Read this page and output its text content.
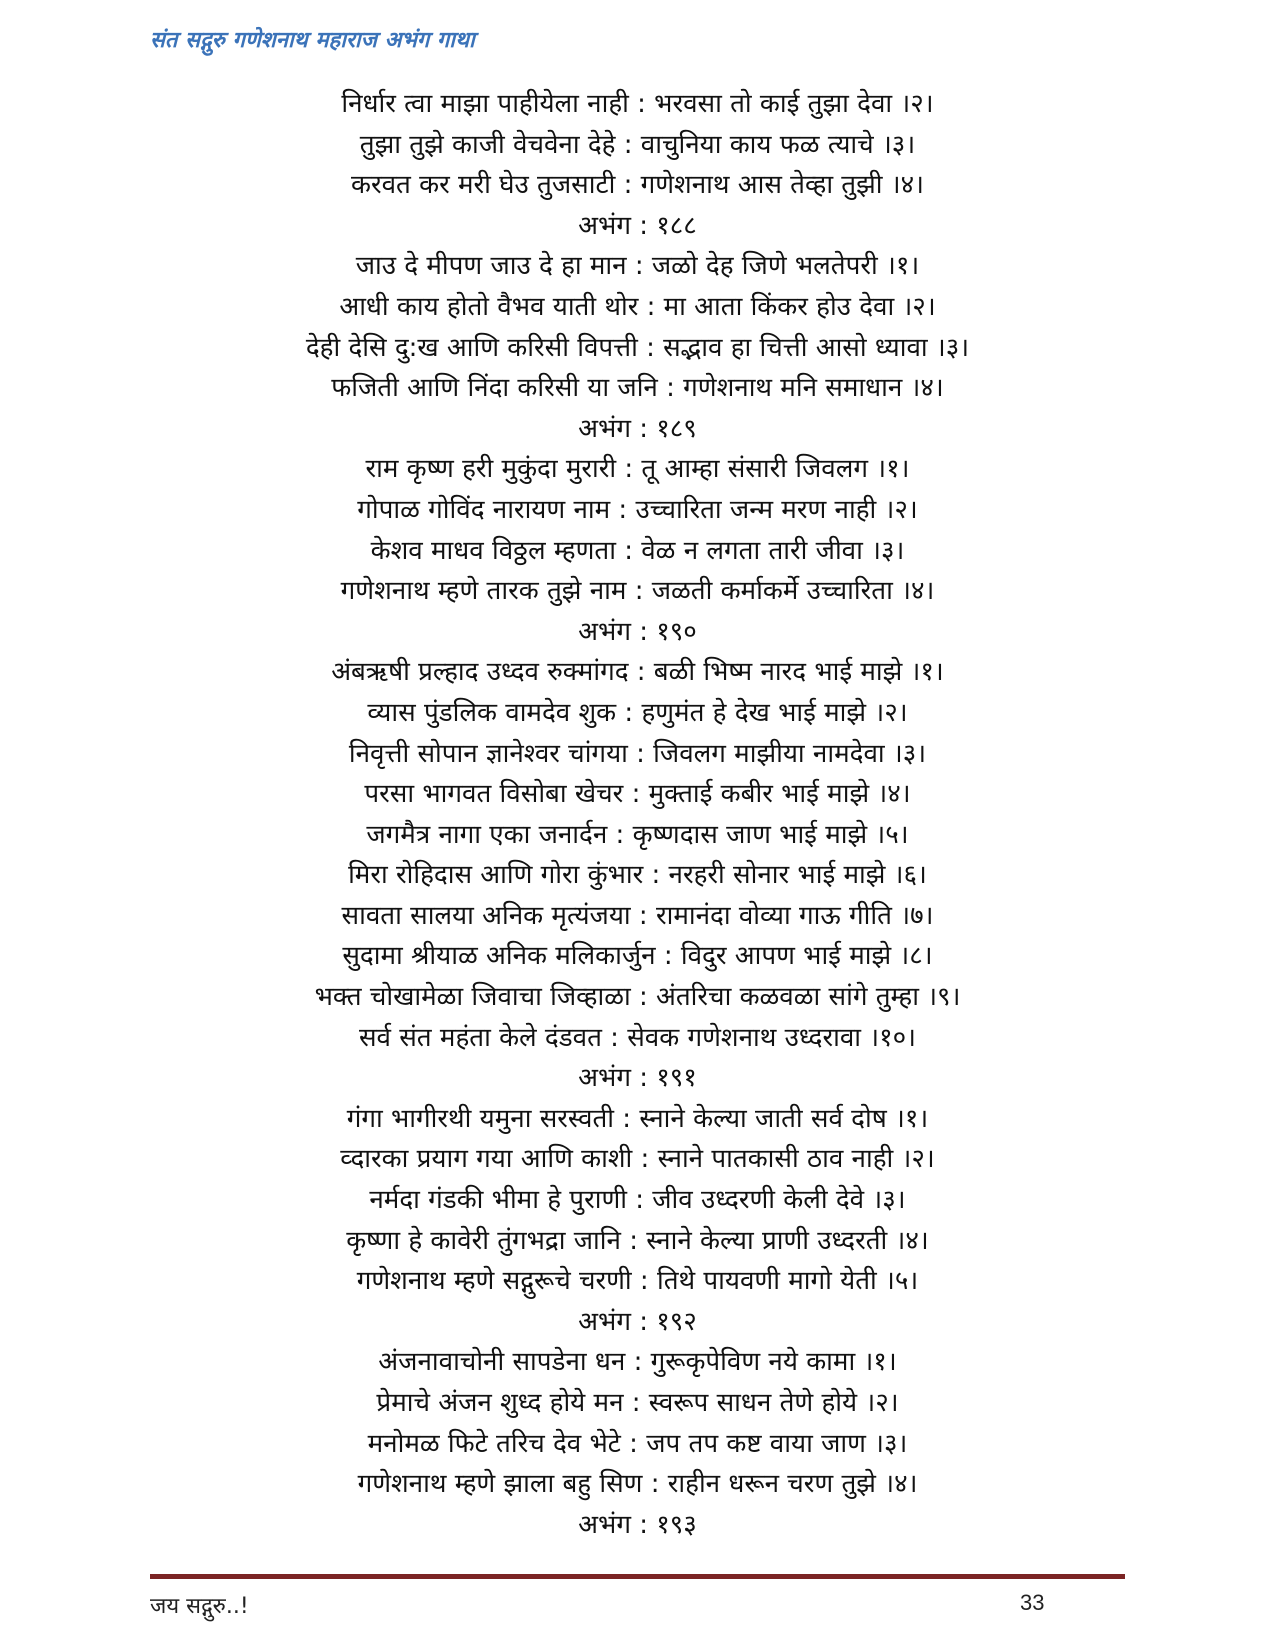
संत सद्गुरु गणेशनाथ महाराज अभंग गाथा
निर्धार त्वा माझा पाहीयेला नाही : भरवसा तो काई तुझा देवा ।२।
तुझा तुझे काजी वेचवेना देहे : वाचुनिया काय फळ त्याचे ।३।
करवत कर मरी घेउ तुजसाटी : गणेशनाथ आस तेव्हा तुझी ।४।
अभंग : १८८
जाउ दे मीपण जाउ दे हा मान : जळो देह जिणे भलतेपरी ।१।
आधी काय होतो वैभव याती थोर : मा आता किंकर होउ देवा ।२।
देही देसि दु:ख आणि करिसी विपत्ती : सद्भाव हा चित्ती आसो ध्यावा ।३।
फजिती आणि निंदा करिसी या जनि : गणेशनाथ मनि समाधान ।४।
अभंग : १८९
राम कृष्ण हरी मुकुंदा मुरारी : तू आम्हा संसारी जिवलग ।१।
गोपाळ गोविंद नारायण नाम : उच्चारिता जन्म मरण नाही ।२।
केशव माधव विठ्ठल म्हणता : वेळ न लगता तारी जीवा ।३।
गणेशनाथ म्हणे तारक तुझे नाम : जळती कर्माकर्मे उच्चारिता ।४।
अभंग : १९०
अंबऋषी प्रल्हाद उध्दव रुक्मांगद : बळी भिष्म नारद भाई माझे ।१।
व्यास पुंडलिक वामदेव शुक : हणुमंत हे देख भाई माझे ।२।
निवृत्ती सोपान ज्ञानेश्वर चांगया : जिवलग माझीया नामदेवा ।३।
परसा भागवत विसोबा खेचर : मुक्ताई कबीर भाई माझे ।४।
जगमैत्र नागा एका जनार्दन : कृष्णदास जाण भाई माझे ।५।
मिरा रोहिदास आणि गोरा कुंभार : नरहरी सोनार भाई माझे ।६।
सावता सालया अनिक मृत्यंजया : रामानंदा वोव्या गाऊ गीति ।७।
सुदामा श्रीयाळ अनिक मलिकार्जुन : विदुर आपण भाई माझे ।८।
भक्त चोखामेळा जिवाचा जिव्हाळा : अंतरिचा कळवळा सांगे तुम्हा ।९।
सर्व संत महंता केले दंडवत : सेवक गणेशनाथ उध्दरावा ।१०।
अभंग : १९१
गंगा भागीरथी यमुना सरस्वती : स्नाने केल्या जाती सर्व दोष ।१।
व्दारका प्रयाग गया आणि काशी : स्नाने पातकासी ठाव नाही ।२।
नर्मदा गंडकी भीमा हे पुराणी : जीव उध्दरणी केली देवे ।३।
कृष्णा हे कावेरी तुंगभद्रा जानि : स्नाने केल्या प्राणी उध्दरती ।४।
गणेशनाथ म्हणे सद्गुरूचे चरणी : तिथे पायवणी मागो येती ।५।
अभंग : १९२
अंजनावाचोनी सापडेना धन : गुरूकृपेविण नये कामा ।१।
प्रेमाचे अंजन शुध्द होये मन : स्वरूप साधन तेणे होये ।२।
मनोमळ फिटे तरिच देव भेटे : जप तप कष्ट वाया जाण ।३।
गणेशनाथ म्हणे झाला बहु सिण : राहीन धरून चरण तुझे ।४।
अभंग : १९३
जय सद्गुरु..!	33
